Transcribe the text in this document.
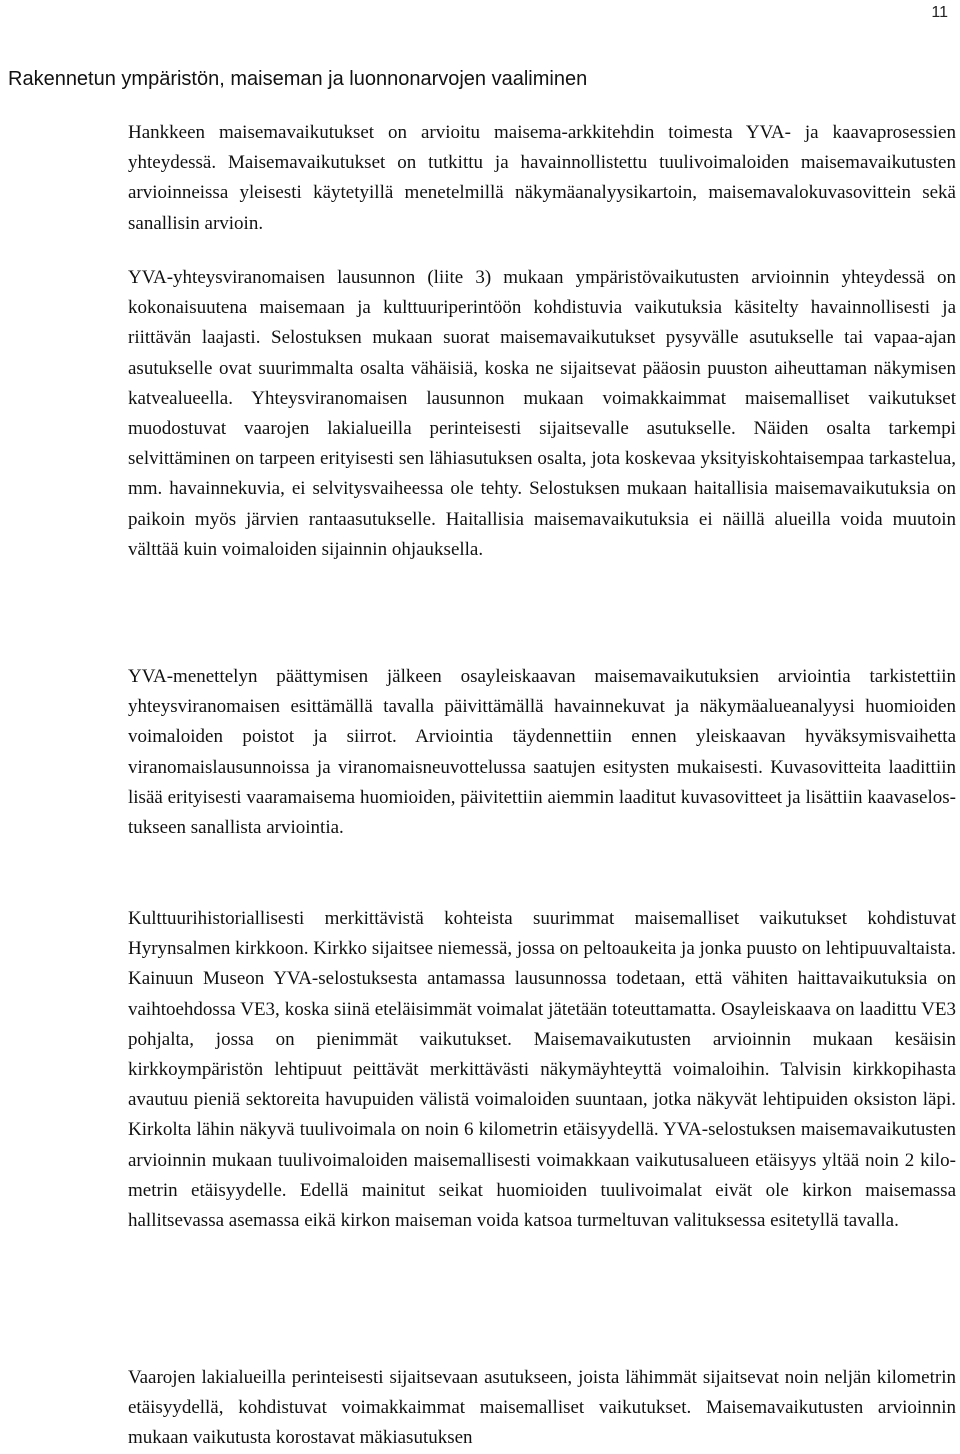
11
Rakennetun ympäristön, maiseman ja luonnonarvojen vaaliminen

Hankkeen maisemavaikutukset on arvioitu maisema-arkkitehdin toimesta YVA- ja kaavaprosessien yhteydessä. Maisemavaikutukset on tutkittu ja havainnollistettu tuulivoimaloiden maisemavaikutusten arvioinneissa yleisesti käytetyillä menetelmillä näkymäanalyysikartoin, maisemavalokuvasovittein sekä sanallisin arvioin.

YVA-yhteysviranomaisen lausunnon (liite 3) mukaan ympäristövaikutusten arvioinnin yhteydessä on kokonaisuutena maisemaan ja kulttuuriperintöön kohdistuvia vaikutuksia käsitelty havainnollisesti ja riittävän laajasti. Selostuksen mukaan suorat maisemavaikutukset pysyvälle asutukselle tai vapaa-ajan asutukselle ovat suurimmalta osalta vähäisiä, koska ne sijaitsevat pääosin puuston aiheuttaman näkymisen katvealueella. Yhteysviranomaisen lausunnon mukaan voimakkaimmat maisemalliset vaikutukset muodostuvat vaarojen lakialueilla perinteisesti sijaitsevalle asutukselle. Näiden osalta tarkempi selvittäminen on tarpeen erityisesti sen lähiasutuksen osalta, jota koskevaa yksityiskohtaisempaa tarkastelua, mm. havainnekuvia, ei selvitysvaiheessa ole tehty. Selostuksen mukaan haitallisia maisemavaikutuksia on paikoin myös järvien rantaasutukselle. Haitallisia maisemavaikutuksia ei näillä alueilla voida muutoin välttää kuin voimaloiden sijainnin ohjauksella.

YVA-menettelyn päättymisen jälkeen osayleiskaavan maisemavaikutuksien arviointia tarkistettiin yhteysviranomaisen esittämällä tavalla päivittämällä havainnekuvat ja näkymäalueanalyysi huomioiden voimaloiden poistot ja siirrot. Arviointia täydennettiin ennen yleiskaavan hyväksymisvaihetta viranomaislausunnoissa ja viranomaisneuvottelussa saatujen esitysten mukaisesti. Kuvasovitteita laadittiin lisää erityisesti vaaramaisema huomioiden, päivitettiin aiemmin laaditut kuvasovitteet ja lisättiin kaavaselostukseen sanallista arviointia.

Kulttuurihistoriallisesti merkittävistä kohteista suurimmat maisemalliset vaikutukset kohdistuvat Hyrynsalmen kirkkoon. Kirkko sijaitsee niemessä, jossa on peltoaukeita ja jonka puusto on lehtipuuvaltaista. Kainuun Museon YVA-selostuksesta antamassa lausunnossa todetaan, että vähiten haittavaikutuksia on vaihtoehdossa VE3, koska siinä eteläisimmät voimalat jätetään toteuttamatta. Osayleiskaava on laadittu VE3 pohjalta, jossa on pienimmät vaikutukset. Maisemavaikutusten arvioinnin mukaan kesäisin kirkkoympäristön lehtipuut peittävät merkittävästi näkymäyhteyttä voimaloihin. Talvisin kirkkopihasta avautuu pieniä sektoreita havupuiden välistä voimaloiden suuntaan, jotka näkyvät lehtipuiden oksiston läpi. Kirkolta lähin näkyvä tuulivoimala on noin 6 kilometrin etäisyydellä. YVA-selostuksen maisemavaikutusten arvioinnin mukaan tuulivoimaloiden maisemallisesti voimakkaan vaikutusalueen etäisyys yltää noin 2 kilometrin etäisyydelle. Edellä mainitut seikat huomioiden tuulivoimalat eivät ole kirkon maisemassa hallitsevassa asemassa eikä kirkon maiseman voida katsoa turmeltuvan valituksessa esitetyllä tavalla.

Vaarojen lakialueilla perinteisesti sijaitsevaan asutukseen, joista lähimmät sijaitsevat noin neljän kilometrin etäisyydellä, kohdistuvat voimakkaimmat maisemalliset vaikutukset. Maisemavaikutusten arvioinnin mukaan vaikutusta korostavat mäkiasutuksen
